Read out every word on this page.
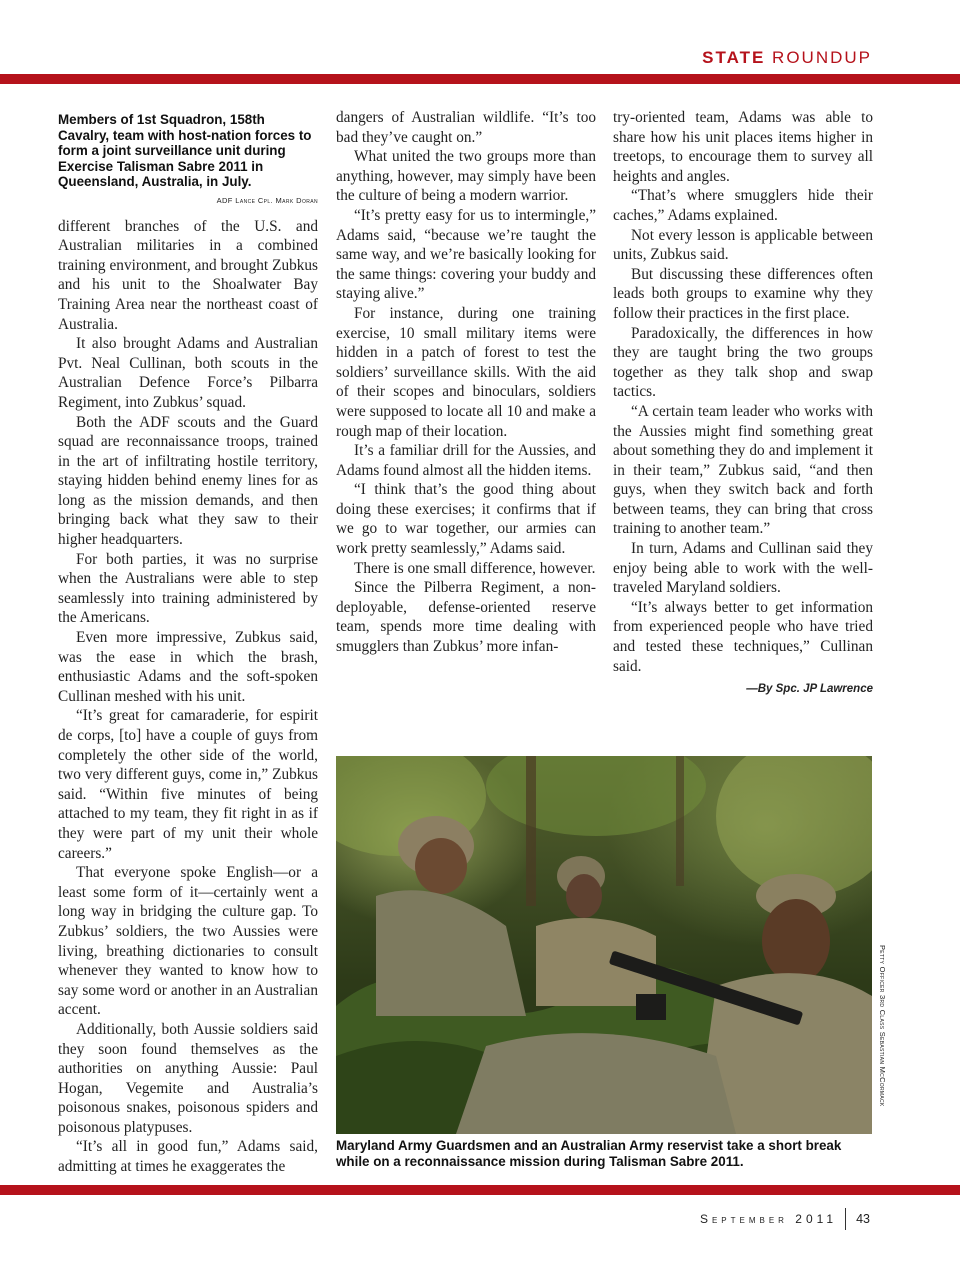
STATE ROUNDUP
Members of 1st Squadron, 158th Cavalry, team with host-nation forces to form a joint surveillance unit during Exercise Talisman Sabre 2011 in Queensland, Australia, in July.
ADF Lance Cpl. Mark Doran

different branches of the U.S. and Australian militaries in a combined training environment, and brought Zubkus and his unit to the Shoalwater Bay Training Area near the northeast coast of Australia.

It also brought Adams and Australian Pvt. Neal Cullinan, both scouts in the Australian Defence Force’s Pilbarra Regiment, into Zubkus’ squad.

Both the ADF scouts and the Guard squad are reconnaissance troops, trained in the art of infiltrating hostile territory, staying hidden behind enemy lines for as long as the mission demands, and then bringing back what they saw to their higher headquarters.

For both parties, it was no surprise when the Australians were able to step seamlessly into training administered by the Americans.

Even more impressive, Zubkus said, was the ease in which the brash, enthusiastic Adams and the soft-spoken Cullinan meshed with his unit.

“It’s great for camaraderie, for espirit de corps, [to] have a couple of guys from completely the other side of the world, two very different guys, come in,” Zubkus said. “Within five minutes of being attached to my team, they fit right in as if they were part of my unit their whole careers.”

That everyone spoke English—or a least some form of it—certainly went a long way in bridging the culture gap. To Zubkus’ soldiers, the two Aussies were living, breathing dictionaries to consult whenever they wanted to know how to say some word or another in an Australian accent.

Additionally, both Aussie soldiers said they soon found themselves as the authorities on anything Aussie: Paul Hogan, Vegemite and Australia’s poisonous snakes, poisonous spiders and poisonous platypuses.

“It’s all in good fun,” Adams said, admitting at times he exaggerates the

dangers of Australian wildlife. “It’s too bad they’ve caught on.”

What united the two groups more than anything, however, may simply have been the culture of being a modern warrior.

“It’s pretty easy for us to intermingle,” Adams said, “because we’re taught the same way, and we’re basically looking for the same things: covering your buddy and staying alive.”

For instance, during one training exercise, 10 small military items were hidden in a patch of forest to test the soldiers’ surveillance skills. With the aid of their scopes and binoculars, soldiers were supposed to locate all 10 and make a rough map of their location.

It’s a familiar drill for the Aussies, and Adams found almost all the hidden items.

“I think that’s the good thing about doing these exercises; it confirms that if we go to war together, our armies can work pretty seamlessly,” Adams said.

There is one small difference, however.

Since the Pilberra Regiment, a non-deployable, defense-oriented reserve team, spends more time dealing with smugglers than Zubkus’ more infan-

try-oriented team, Adams was able to share how his unit places items higher in treetops, to encourage them to survey all heights and angles.

“That’s where smugglers hide their caches,” Adams explained.

Not every lesson is applicable between units, Zubkus said.

But discussing these differences often leads both groups to examine why they follow their practices in the first place.

Paradoxically, the differences in how they are taught bring the two groups together as they talk shop and swap tactics.

“A certain team leader who works with the Aussies might find something great about something they do and implement it in their team,” Zubkus said, “and then guys, when they switch back and forth between teams, they can bring that cross training to another team.”

In turn, Adams and Cullinan said they enjoy being able to work with the well-traveled Maryland soldiers.

“It’s always better to get information from experienced people who have tried and tested these techniques,” Cullinan said.

—By Spc. JP Lawrence
Petty Officer 3rd Class Sebastian McCormack
Maryland Army Guardsmen and an Australian Army reservist take a short break while on a reconnaissance mission during Talisman Sabre 2011.
September 2011 43
